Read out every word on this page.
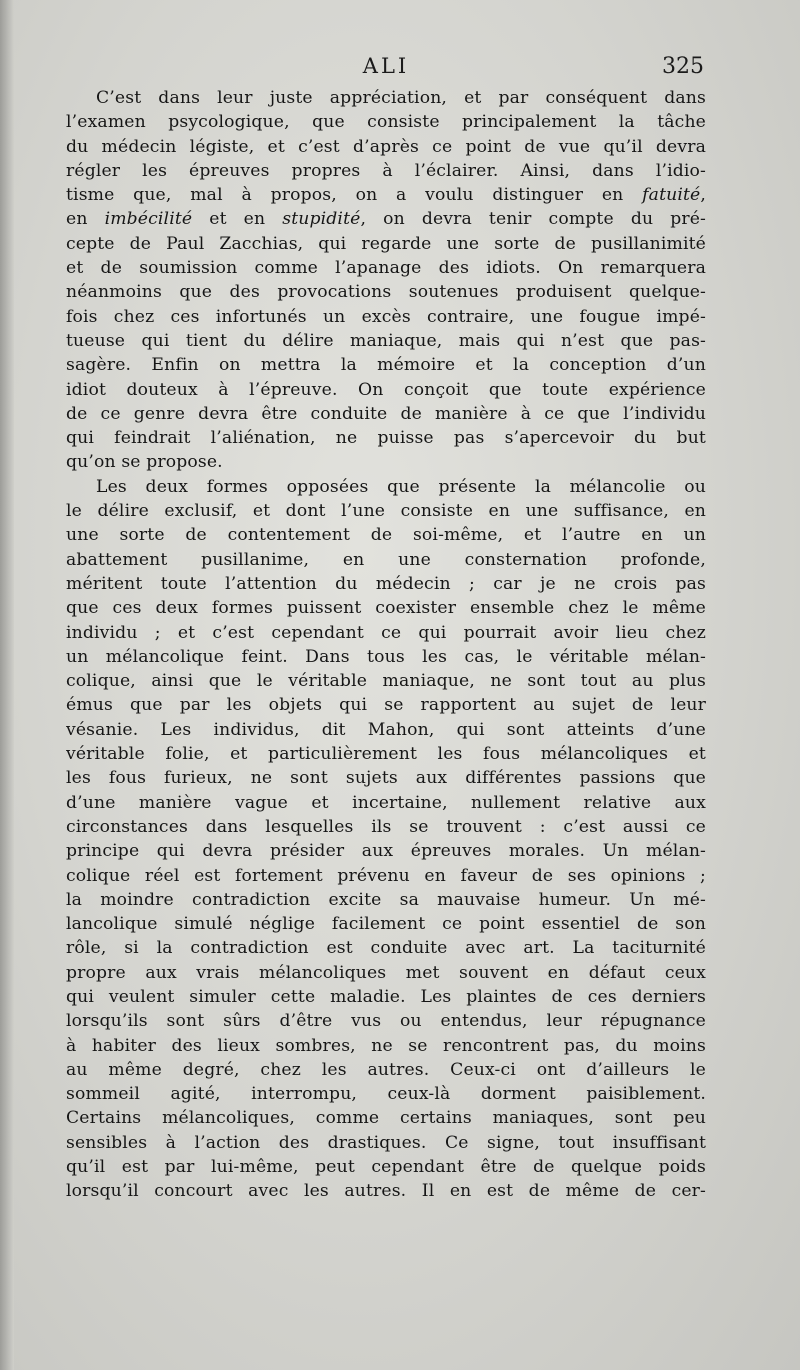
ALI	325
C’est dans leur juste appréciation, et par conséquent dans
l’examen psycologique, que consiste principalement la tâche
du médecin légiste, et c’est d’après ce point de vue qu’il devra
régler les épreuves propres à l’éclairer. Ainsi, dans l’idio-
tisme que, mal à propos, on a voulu distinguer en fatuité,
en imbécilité et en stupidité, on devra tenir compte du pré-
cepte de Paul Zacchias, qui regarde une sorte de pusillanimité
et de soumission comme l’apanage des idiots. On remarquera
néanmoins que des provocations soutenues produisent quelque-
fois chez ces infortunés un excès contraire, une fougue impé-
tueuse qui tient du délire maniaque, mais qui n’est que pas-
sagère. Enfin on mettra la mémoire et la conception d’un
idiot douteux à l’épreuve. On conçoit que toute expérience
de ce genre devra être conduite de manière à ce que l’individu
qui feindrait l’aliénation, ne puisse pas s’apercevoir du but
qu’on se propose.
Les deux formes opposées que présente la mélancolie ou
le délire exclusif, et dont l’une consiste en une suffisance, en
une sorte de contentement de soi-même, et l’autre en un
abattement pusillanime, en une consternation profonde,
méritent toute l’attention du médecin ; car je ne crois pas
que ces deux formes puissent coexister ensemble chez le même
individu ; et c’est cependant ce qui pourrait avoir lieu chez
un mélancolique feint. Dans tous les cas, le véritable mélan-
colique, ainsi que le véritable maniaque, ne sont tout au plus
émus que par les objets qui se rapportent au sujet de leur
vésanie. Les individus, dit Mahon, qui sont atteints d’une
véritable folie, et particulièrement les fous mélancoliques et
les fous furieux, ne sont sujets aux différentes passions que
d’une manière vague et incertaine, nullement relative aux
circonstances dans lesquelles ils se trouvent : c’est aussi ce
principe qui devra présider aux épreuves morales. Un mélan-
colique réel est fortement prévenu en faveur de ses opinions ;
la moindre contradiction excite sa mauvaise humeur. Un mé-
lancolique simulé néglige facilement ce point essentiel de son
rôle, si la contradiction est conduite avec art. La taciturnité
propre aux vrais mélancoliques met souvent en défaut ceux
qui veulent simuler cette maladie. Les plaintes de ces derniers
lorsqu’ils sont sûrs d’être vus ou entendus, leur répugnance
à habiter des lieux sombres, ne se rencontrent pas, du moins
au même degré, chez les autres. Ceux-ci ont d’ailleurs le
sommeil agité, interrompu, ceux-là dorment paisiblement.
Certains mélancoliques, comme certains maniaques, sont peu
sensibles à l’action des drastiques. Ce signe, tout insuffisant
qu’il est par lui-même, peut cependant être de quelque poids
lorsqu’il concourt avec les autres. Il en est de même de cer-
